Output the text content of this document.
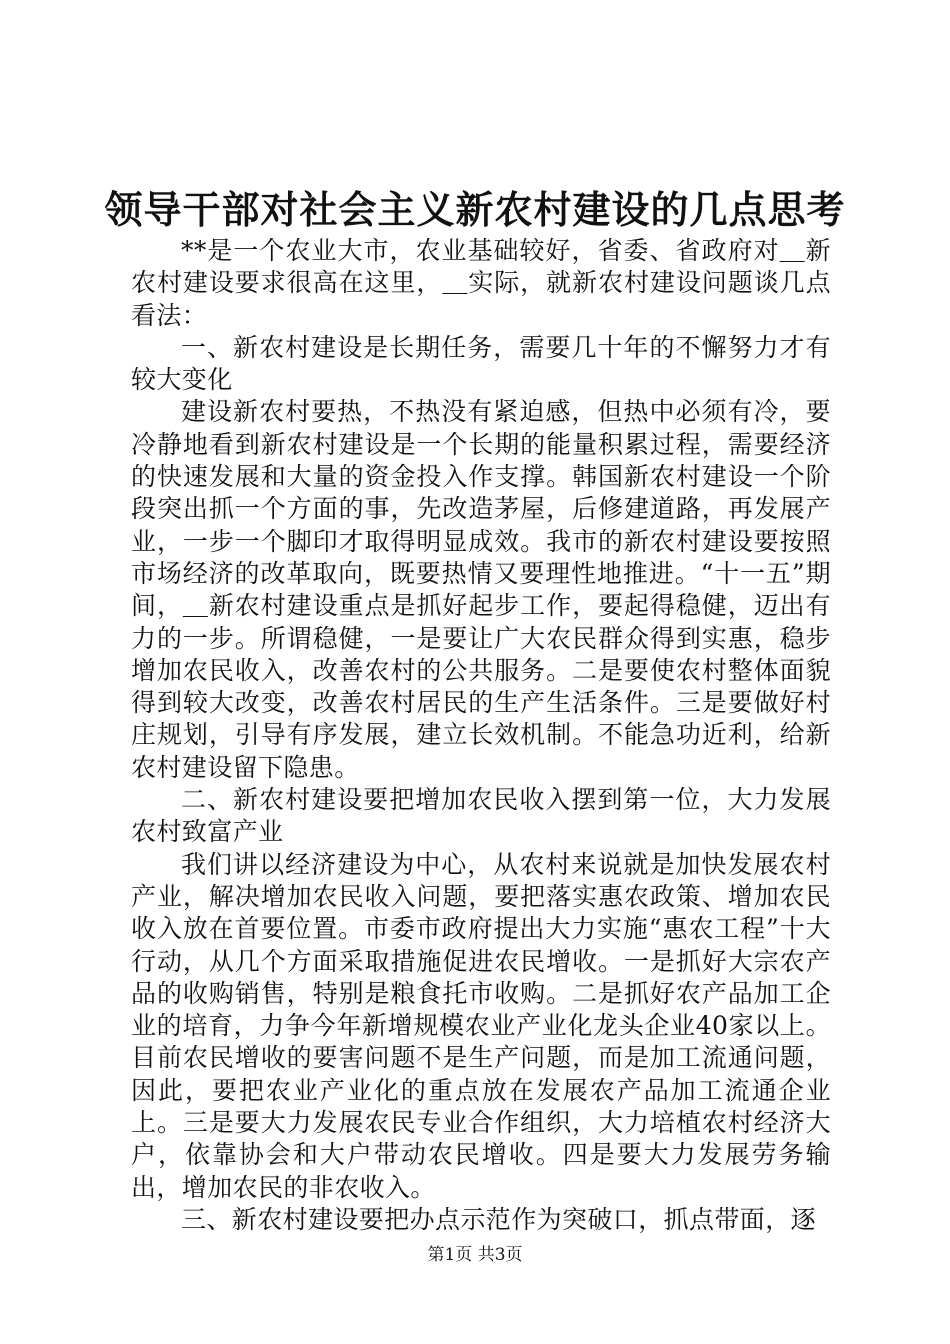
领导干部对社会主义新农村建设的几点思考

**是一个农业大市，农业基础较好，省委、省政府对＿新农村建设要求很高在这里，＿实际，就新农村建设问题谈几点看法：

一、新农村建设是长期任务，需要几十年的不懈努力才有较大变化

建设新农村要热，不热没有紧迫感，但热中必须有冷，要冷静地看到新农村建设是一个长期的能量积累过程，需要经济的快速发展和大量的资金投入作支撑。韩国新农村建设一个阶段突出抓一个方面的事，先改造茅屋，后修建道路，再发展产业，一步一个脚印才取得明显成效。我市的新农村建设要按照市场经济的改革取向，既要热情又要理性地推进。“十一五”期间，＿新农村建设重点是抓好起步工作，要起得稳健，迈出有力的一步。所谓稳健，一是要让广大农民群众得到实惠，稳步增加农民收入，改善农村的公共服务。二是要使农村整体面貌得到较大改变，改善农村居民的生产生活条件。三是要做好村庄规划，引导有序发展，建立长效机制。不能急功近利，给新农村建设留下隐患。

二、新农村建设要把增加农民收入摆到第一位，大力发展农村致富产业

我们讲以经济建设为中心，从农村来说就是加快发展农村产业，解决增加农民收入问题，要把落实惠农政策、增加农民收入放在首要位置。市委市政府提出大力实施“惠农工程”十大行动，从几个方面采取措施促进农民增收。一是抓好大宗农产品的收购销售，特别是粮食托市收购。二是抓好农产品加工企业的培育，力争今年新增规模农业产业化龙头企业40家以上。目前农民增收的要害问题不是生产问题，而是加工流通问题，因此，要把农业产业化的重点放在发展农产品加工流通企业上。三是要大力发展农民专业合作组织，大力培植农村经济大户，依靠协会和大户带动农民增收。四是要大力发展劳务输出，增加农民的非农收入。

三、新农村建设要把办点示范作为突破口，抓点带面，逐

第1页 共3页
